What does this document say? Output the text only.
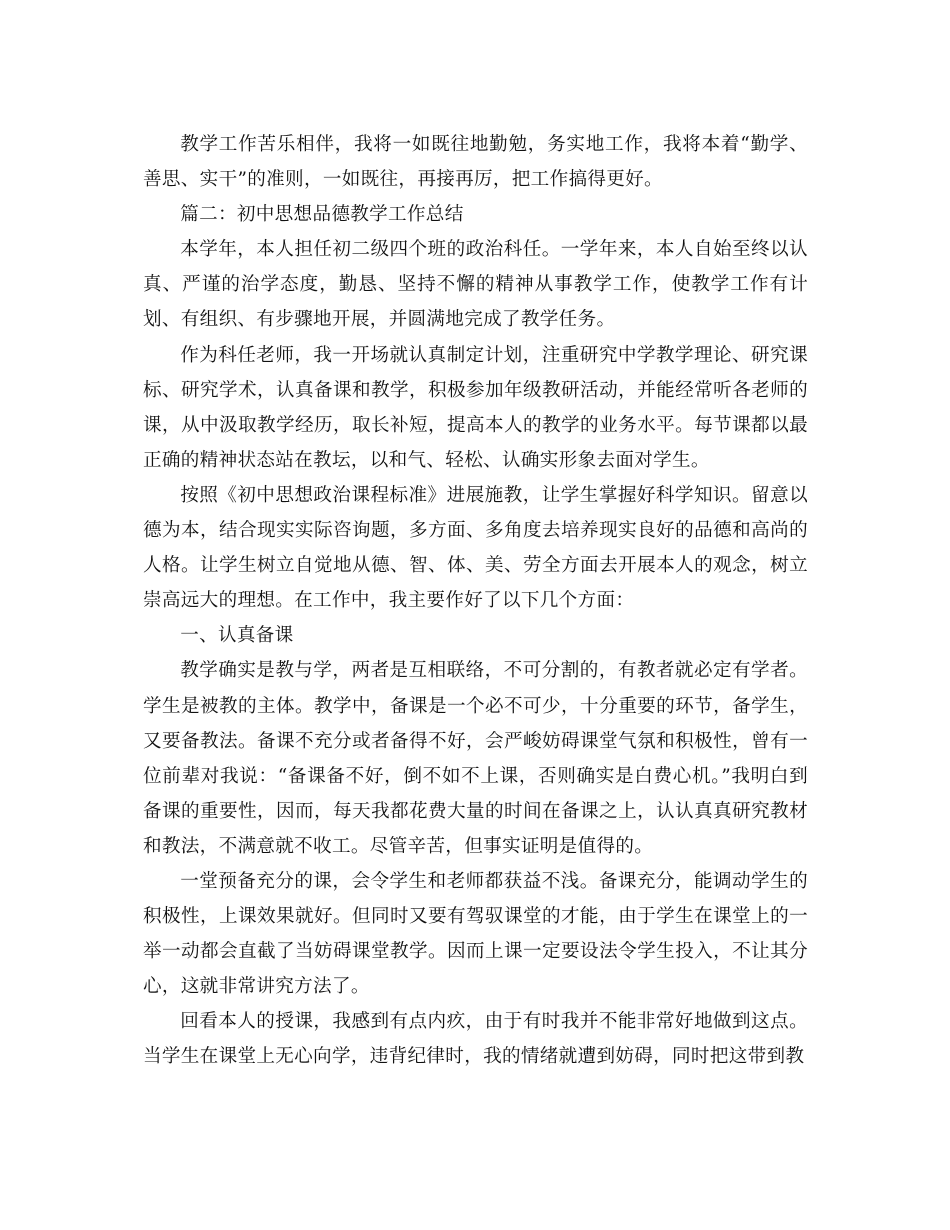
教学工作苦乐相伴，我将一如既往地勤勉，务实地工作，我将本着“勤学、善思、实干”的准则，一如既往，再接再厉，把工作搞得更好。

篇二：初中思想品德教学工作总结

本学年，本人担任初二级四个班的政治科任。一学年来，本人自始至终以认真、严谨的治学态度，勤恳、坚持不懈的精神从事教学工作，使教学工作有计划、有组织、有步骤地开展，并圆满地完成了教学任务。

作为科任老师，我一开场就认真制定计划，注重研究中学教学理论、研究课标、研究学术，认真备课和教学，积极参加年级教研活动，并能经常听各老师的课，从中汲取教学经历，取长补短，提高本人的教学的业务水平。每节课都以最正确的精神状态站在教坛，以和气、轻松、认确实形象去面对学生。

按照《初中思想政治课程标准》进展施教，让学生掌握好科学知识。留意以德为本，结合现实实际咨询题，多方面、多角度去培养现实良好的品德和高尚的人格。让学生树立自觉地从德、智、体、美、劳全方面去开展本人的观念，树立崇高远大的理想。在工作中，我主要作好了以下几个方面：

一、认真备课

教学确实是教与学，两者是互相联络，不可分割的，有教者就必定有学者。学生是被教的主体。教学中，备课是一个必不可少，十分重要的环节，备学生，又要备教法。备课不充分或者备得不好，会严峻妨碍课堂气氛和积极性，曾有一位前辈对我说：“备课备不好，倒不如不上课，否则确实是白费心机。”我明白到备课的重要性，因而，每天我都花费大量的时间在备课之上，认认真真研究教材和教法，不满意就不收工。尽管辛苦，但事实证明是值得的。

一堂预备充分的课，会令学生和老师都获益不浅。备课充分，能调动学生的积极性，上课效果就好。但同时又要有驾驭课堂的才能，由于学生在课堂上的一举一动都会直截了当妨碍课堂教学。因而上课一定要设法令学生投入，不让其分心，这就非常讲究方法了。

回看本人的授课，我感到有点内疚，由于有时我并不能非常好地做到这点。当学生在课堂上无心向学，违背纪律时，我的情绪就遭到妨碍，同时把这带到教
